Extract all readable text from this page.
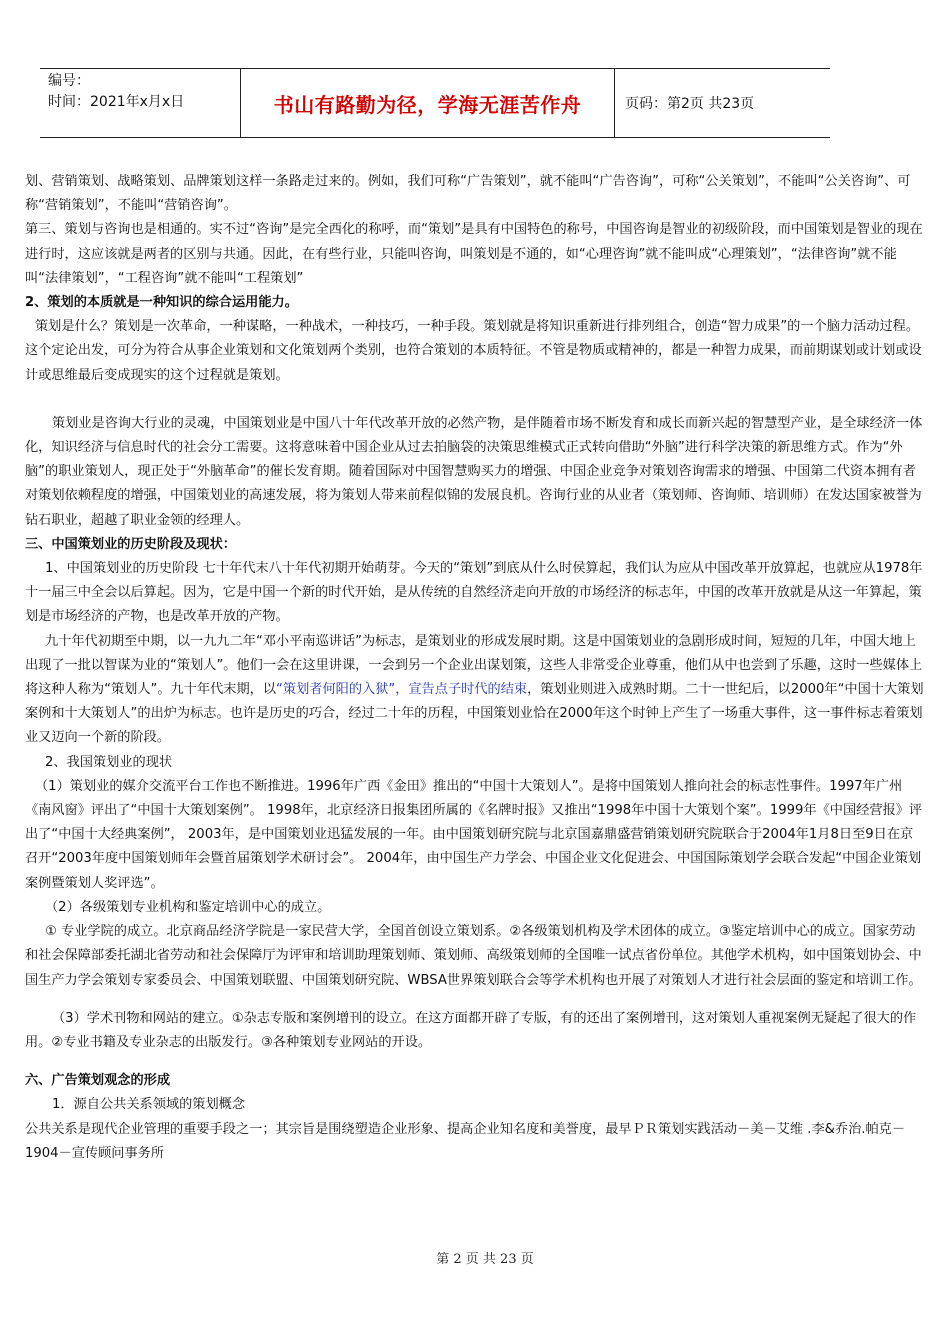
编号：
时间：2021年x月x日	书山有路勤为径，学海无涯苦作舟	页码：第2页 共23页

划、营销策划、战略策划、品牌策划这样一条路走过来的。例如，我们可称“广告策划”，就不能叫“广告咨询”，可称“公关策划”，不能叫“公关咨询”、可称“营销策划”，不能叫“营销咨询”。

第三、策划与咨询也是相通的。实不过“咨询”是完全西化的称呼，而“策划”是具有中国特色的称号，中国咨询是智业的初级阶段，而中国策划是智业的现在进行时，这应该就是两者的区别与共通。因此，在有些行业，只能叫咨询，叫策划是不通的，如“心理咨询”就不能叫成“心理策划”，“法律咨询”就不能叫“法律策划”，“工程咨询”就不能叫“工程策划”

2、策划的本质就是一种知识的综合运用能力。

策划是什么？策划是一次革命，一种谋略，一种战术，一种技巧，一种手段。策划就是将知识重新进行排列组合，创造“智力成果”的一个脑力活动过程。这个定论出发，可分为符合从事企业策划和文化策划两个类别，也符合策划的本质特征。不管是物质或精神的，都是一种智力成果，而前期谋划或计划或设计或思维最后变成现实的这个过程就是策划。

策划业是咨询大行业的灵魂，中国策划业是中国八十年代改革开放的必然产物，是伴随着市场不断发育和成长而新兴起的智慧型产业，是全球经济一体化，知识经济与信息时代的社会分工需要。这将意味着中国企业从过去拍脑袋的决策思维模式正式转向借助“外脑”进行科学决策的新思维方式。作为“外脑”的职业策划人，现正处于“外脑革命”的催长发育期。随着国际对中国智慧购买力的增强、中国企业竞争对策划咨询需求的增强、中国第二代资本拥有者对策划依赖程度的增强，中国策划业的高速发展，将为策划人带来前程似锦的发展良机。咨询行业的从业者（策划师、咨询师、培训师）在发达国家被誉为钻石职业，超越了职业金领的经理人。

三、中国策划业的历史阶段及现状：

1、中国策划业的历史阶段 七十年代末八十年代初期开始萌芽。今天的“策划”到底从什么时侯算起，我们认为应从中国改革开放算起，也就应从1978年十一届三中全会以后算起。因为，它是中国一个新的时代开始，是从传统的自然经济走向开放的市场经济的标志年，中国的改革开放就是从这一年算起，策划是市场经济的产物，也是改革开放的产物。

九十年代初期至中期，以一九九二年“邓小平南巡讲话”为标志，是策划业的形成发展时期。这是中国策划业的急剧形成时间，短短的几年，中国大地上出现了一批以智谋为业的“策划人”。他们一会在这里讲课，一会到另一个企业出谋划策，这些人非常受企业尊重，他们从中也尝到了乐趣，这时一些媒体上将这种人称为“策划人”。九十年代末期，以“策划者何阳的入狱”，宣告点子时代的结束，策划业则进入成熟时期。二十一世纪后，以2000年“中国十大策划案例和十大策划人”的出炉为标志。也许是历史的巧合，经过二十年的历程，中国策划业恰在2000年这个时钟上产生了一场重大事件，这一事件标志着策划业又迈向一个新的阶段。

2、我国策划业的现状

（1）策划业的媒介交流平台工作也不断推进。1996年广西《金田》推出的“中国十大策划人”。是将中国策划人推向社会的标志性事件。1997年广州《南风窗》评出了“中国十大策划案例”。 1998年，北京经济日报集团所属的《名牌时报》又推出“1998年中国十大策划个案”。1999年《中国经营报》评出了“中国十大经典案例”， 2003年，是中国策划业迅猛发展的一年。由中国策划研究院与北京国嘉鼎盛营销策划研究院联合于2004年1月8日至9日在京召开“2003年度中国策划师年会暨首届策划学术研讨会”。 2004年，由中国生产力学会、中国企业文化促进会、中国国际策划学会联合发起“中国企业策划案例暨策划人奖评选”。

（2）各级策划专业机构和鉴定培训中心的成立。

① 专业学院的成立。北京商品经济学院是一家民营大学，全国首创设立策划系。②各级策划机构及学术团体的成立。③鉴定培训中心的成立。国家劳动和社会保障部委托湖北省劳动和社会保障厅为评审和培训助理策划师、策划师、高级策划师的全国唯一试点省份单位。其他学术机构，如中国策划协会、中国生产力学会策划专家委员会、中国策划联盟、中国策划研究院、WBSA世界策划联合会等学术机构也开展了对策划人才进行社会层面的鉴定和培训工作。

（3）学术刊物和网站的建立。①杂志专版和案例增刊的设立。在这方面都开辟了专版，有的还出了案例增刊，这对策划人重视案例无疑起了很大的作用。②专业书籍及专业杂志的出版发行。③各种策划专业网站的开设。

六、广告策划观念的形成

1．源自公共关系领域的策划概念

公共关系是现代企业管理的重要手段之一；其宗旨是围绕塑造企业形象、提高企业知名度和美誉度，最早ＰＲ策划实践活动－美－艾维 .李&乔治.帕克－1904－宣传顾问事务所

第 2 页 共 23 页
